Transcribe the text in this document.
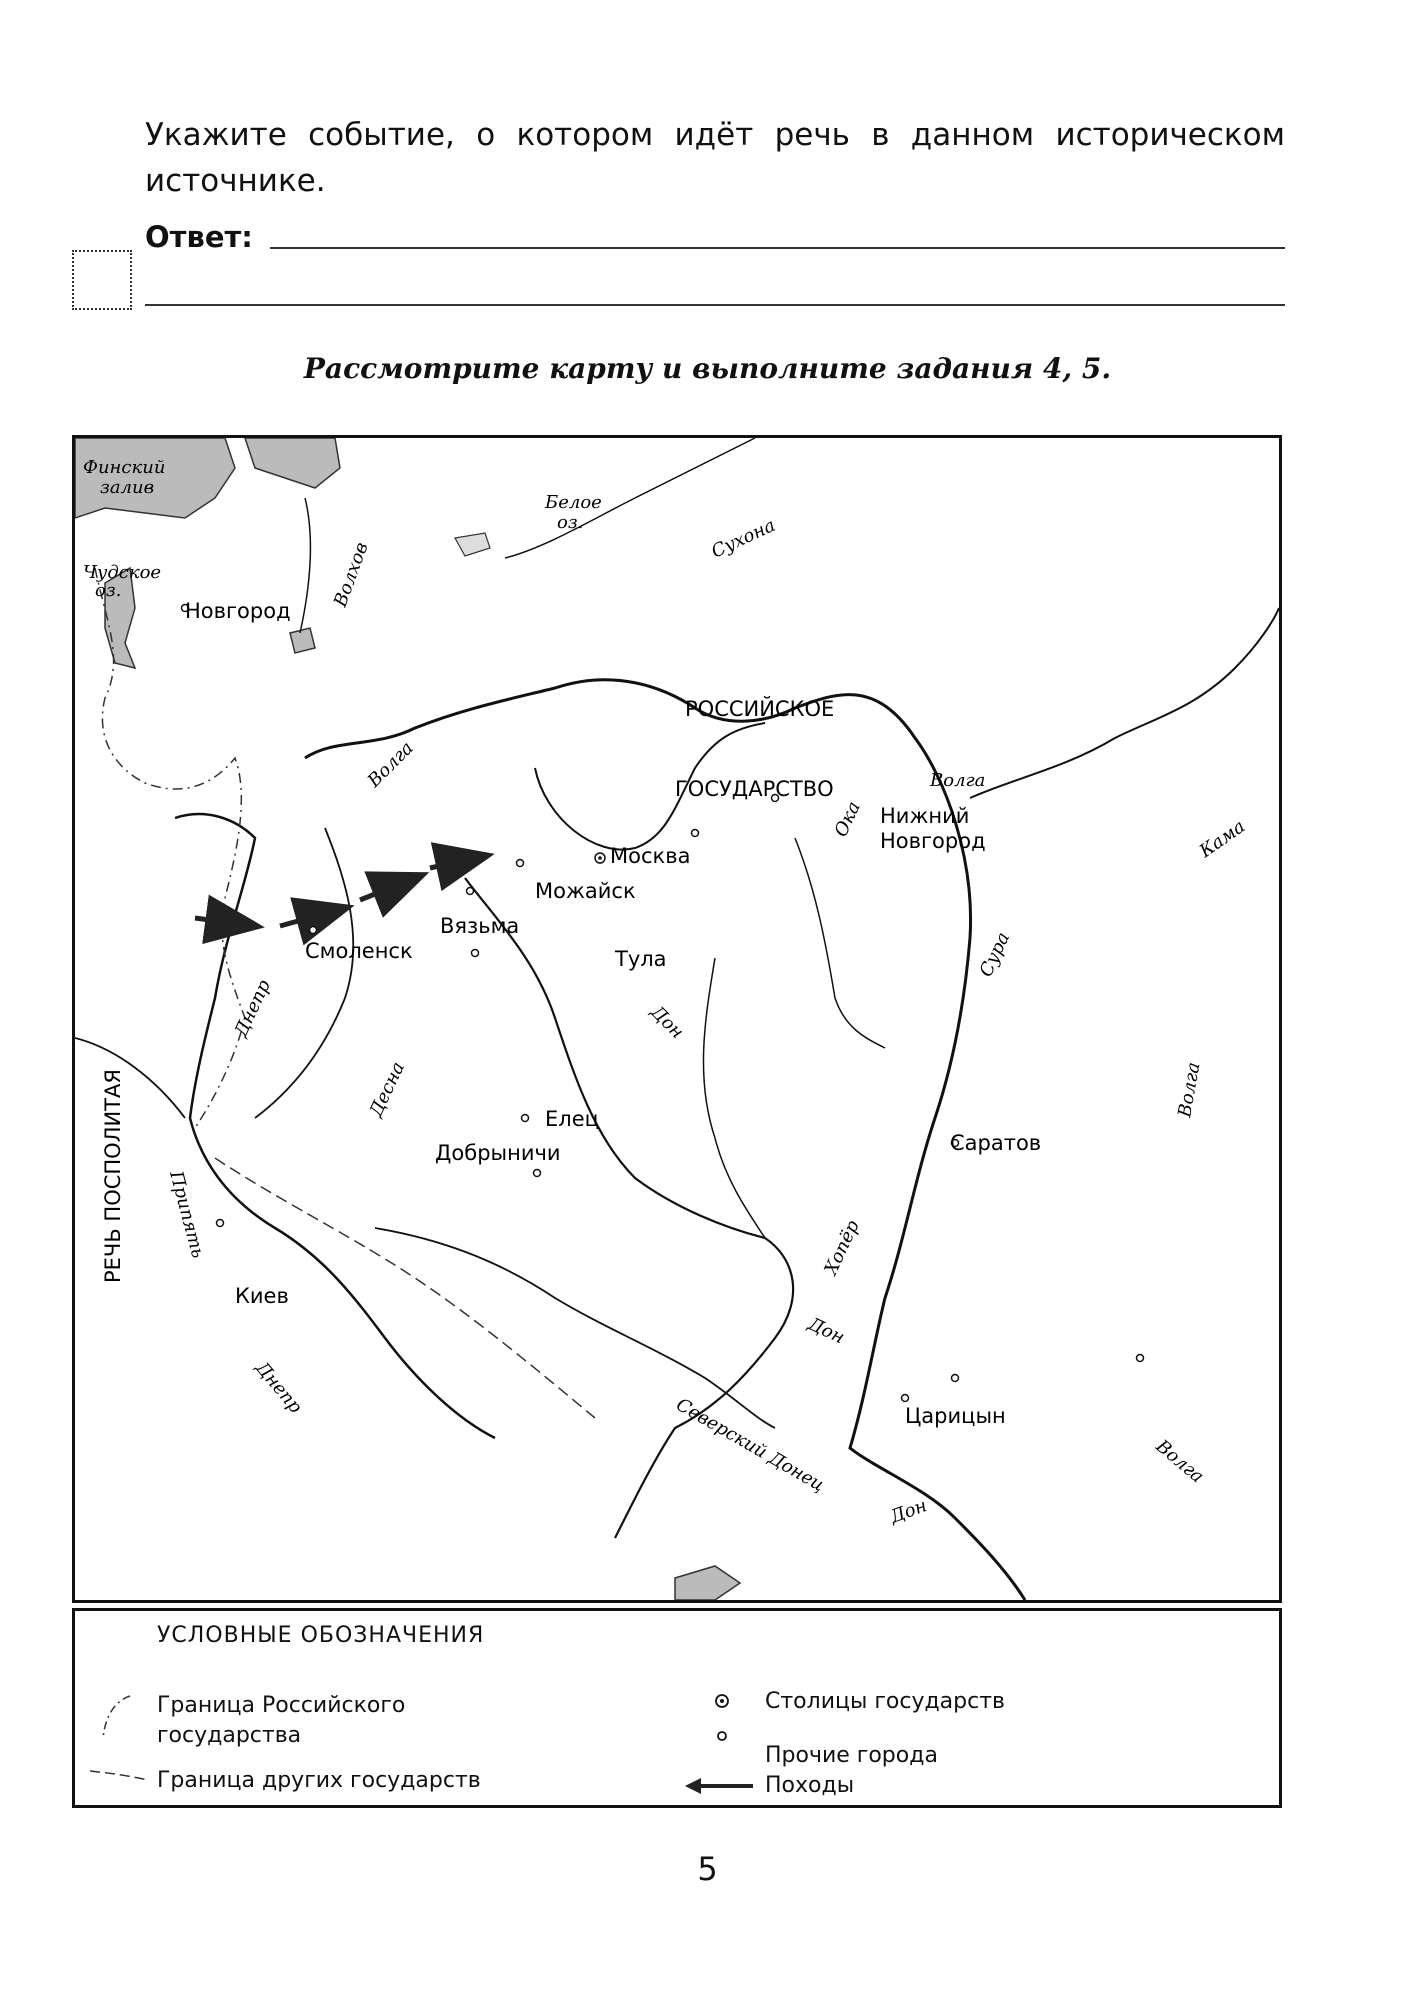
Укажите событие, о котором идёт речь в данном историческом источнике.
Ответ:
Рассмотрите карту и выполните задания 4, 5.
Новгород
Москва
Можайск
Вязьма
Смоленск	Тула
Елец
Добрыничи
Киев
Саратов
Царицын
Нижний
Новгород
РОССИЙСКОЕ
ГОСУДАРСТВО
РЕЧЬ ПОСПОЛИТАЯ
Финский
залив
Чудское
оз.
Белое
оз.	Сухона
Волхов
Волга	Волга
Волга
Волга
Кама
Ока
Сура
Дон
Дон
Дон
Хопёр
Днепр
Днепр
Десна
Припять
Северский Донец
УСЛОВНЫЕ ОБОЗНАЧЕНИЯ
Граница Российского
государства
Граница других государств
Столицы государств
Прочие города
Походы
5
